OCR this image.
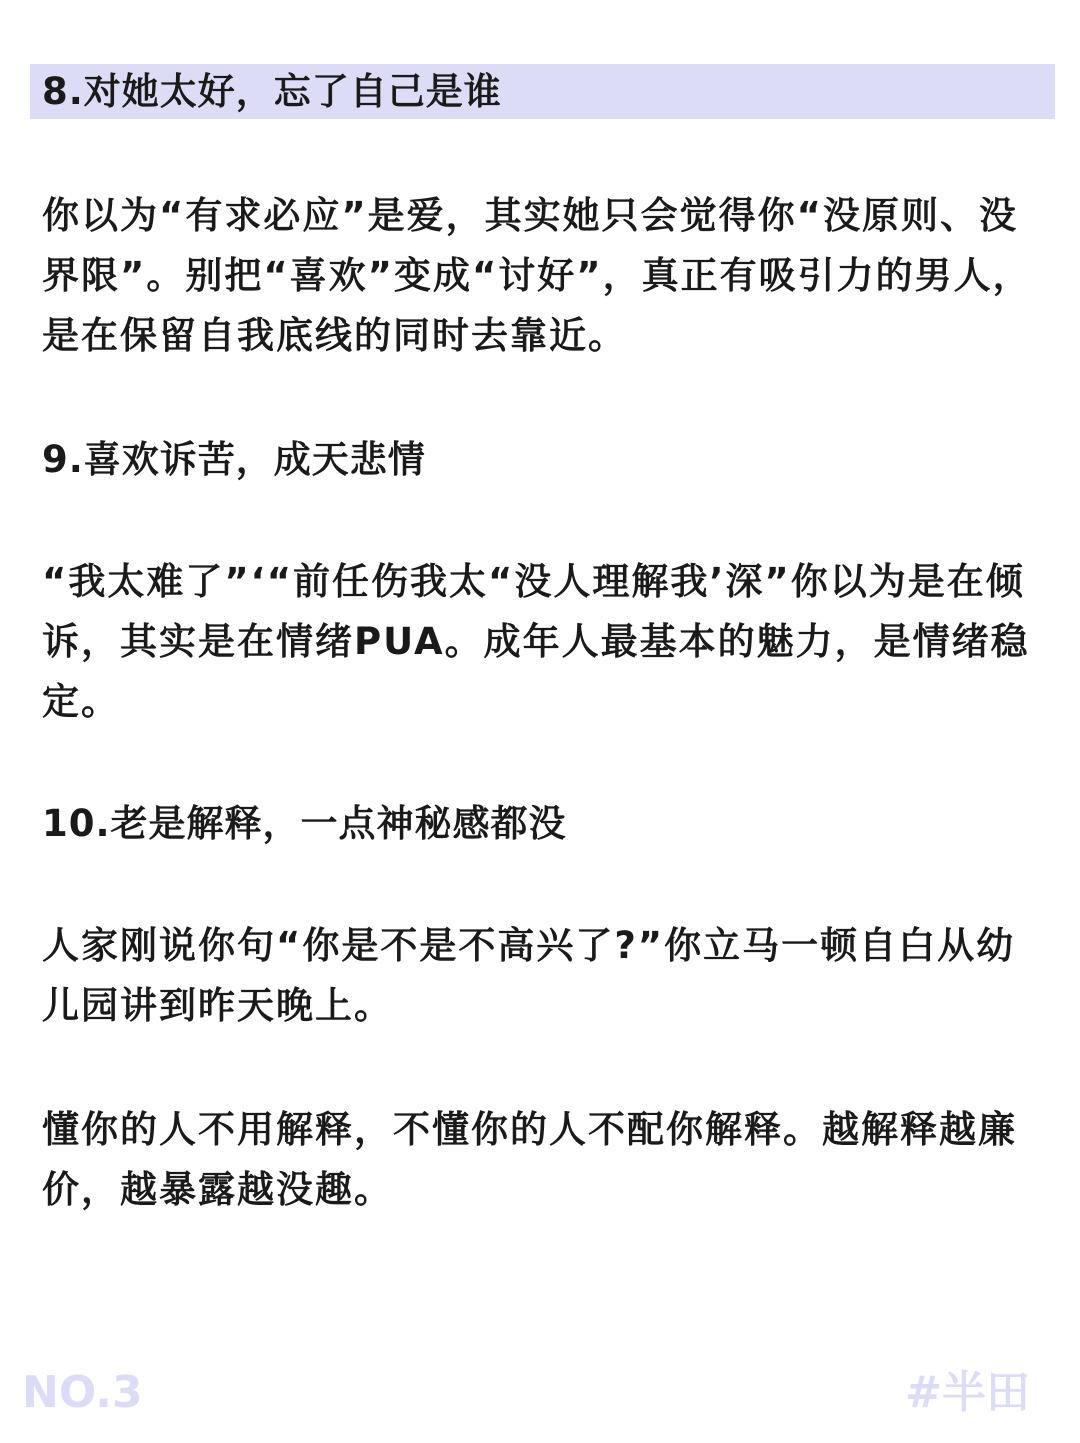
8.对她太好，忘了自己是谁
你以为“有求必应”是爱，其实她只会觉得你“没原则、没界限”。别把“喜欢”变成“讨好”，真正有吸引力的男人，是在保留自我底线的同时去靠近。
9.喜欢诉苦，成天悲情
“我太难了”‘“前任伤我太“没人理解我’深”你以为是在倾诉，其实是在情绪PUA。成年人最基本的魅力，是情绪稳定。
10.老是解释，一点神秘感都没
人家刚说你句“你是不是不高兴了?”你立马一顿自白从幼儿园讲到昨天晚上。
懂你的人不用解释，不懂你的人不配你解释。越解释越廉价，越暴露越没趣。
NO.3	#半田
